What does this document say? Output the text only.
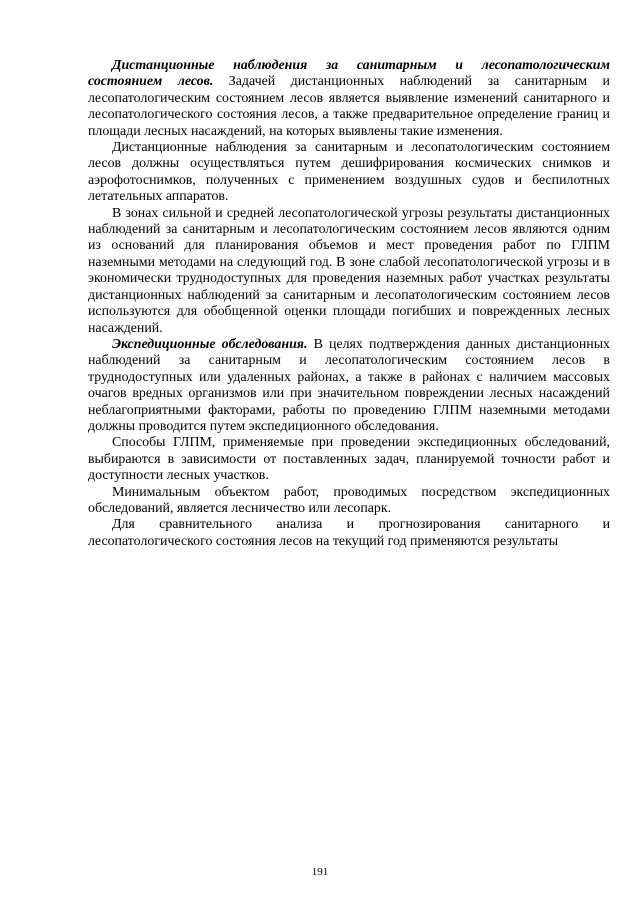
Дистанционные наблюдения за санитарным и лесопатологическим состоянием лесов. Задачей дистанционных наблюдений за санитарным и лесопатологическим состоянием лесов является выявление изменений санитарного и лесопатологического состояния лесов, а также предварительное определение границ и площади лесных насаждений, на которых выявлены такие изменения.

Дистанционные наблюдения за санитарным и лесопатологическим состоянием лесов должны осуществляться путем дешифрирования космических снимков и аэрофотоснимков, полученных с применением воздушных судов и беспилотных летательных аппаратов.

В зонах сильной и средней лесопатологической угрозы результаты дистанционных наблюдений за санитарным и лесопатологическим состоянием лесов являются одним из оснований для планирования объемов и мест проведения работ по ГЛПМ наземными методами на следующий год. В зоне слабой лесопатологической угрозы и в экономически труднодоступных для проведения наземных работ участках результаты дистанционных наблюдений за санитарным и лесопатологическим состоянием лесов используются для обобщенной оценки площади погибших и поврежденных лесных насаждений.

Экспедиционные обследования. В целях подтверждения данных дистанционных наблюдений за санитарным и лесопатологическим состоянием лесов в труднодоступных или удаленных районах, а также в районах с наличием массовых очагов вредных организмов или при значительном повреждении лесных насаждений неблагоприятными факторами, работы по проведению ГЛПМ наземными методами должны проводится путем экспедиционного обследования.

Способы ГЛПМ, применяемые при проведении экспедиционных обследований, выбираются в зависимости от поставленных задач, планируемой точности работ и доступности лесных участков.

Минимальным объектом работ, проводимых посредством экспедиционных обследований, является лесничество или лесопарк.

Для сравнительного анализа и прогнозирования санитарного и лесопатологического состояния лесов на текущий год применяются результаты

191
